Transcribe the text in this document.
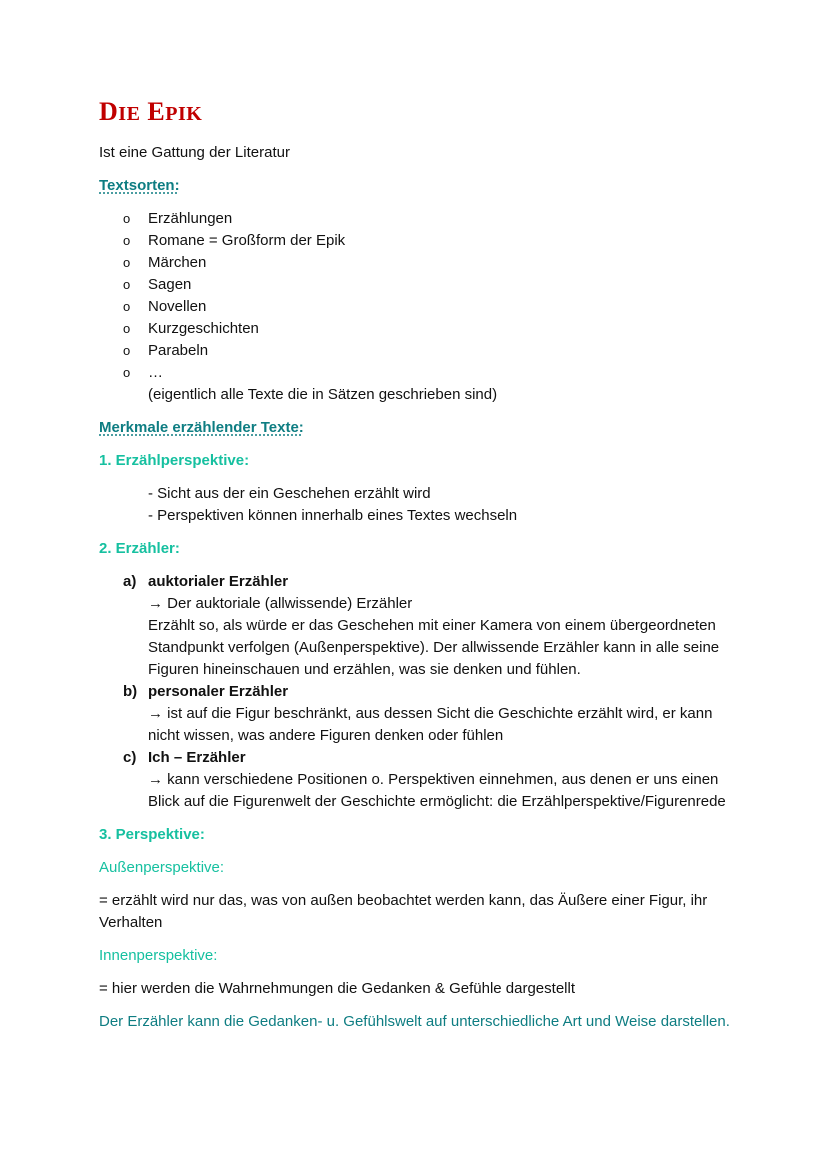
DIE EPIK

Ist eine Gattung der Literatur

Textsorten:
o Erzählungen
o Romane = Großform der Epik
o Märchen
o Sagen
o Novellen
o Kurzgeschichten
o Parabeln
o …
(eigentlich alle Texte die in Sätzen geschrieben sind)
Merkmale erzählender Texte:
1. Erzählperspektive:

- Sicht aus der ein Geschehen erzählt wird

- Perspektiven können innerhalb eines Textes wechseln

2. Erzähler:
a) auktorialer Erzähler
→ Der auktoriale (allwissende) Erzähler
Erzählt so, als würde er das Geschehen mit einer Kamera von einem übergeordneten Standpunkt verfolgen (Außenperspektive). Der allwissende Erzähler kann in alle seine Figuren hineinschauen und erzählen, was sie denken und fühlen.
b) personaler Erzähler
→ ist auf die Figur beschränkt, aus dessen Sicht die Geschichte erzählt wird, er kann nicht wissen, was andere Figuren denken oder fühlen
c) Ich – Erzähler
→ kann verschiedene Positionen o. Perspektiven einnehmen, aus denen er uns einen Blick auf die Figurenwelt der Geschichte ermöglicht: die Erzählperspektive/Figurenrede
3. Perspektive:
Außenperspektive:

= erzählt wird nur das, was von außen beobachtet werden kann, das Äußere einer Figur, ihr Verhalten

Innenperspektive:

= hier werden die Wahrnehmungen die Gedanken & Gefühle dargestellt

Der Erzähler kann die Gedanken- u. Gefühlswelt auf unterschiedliche Art und Weise darstellen.
